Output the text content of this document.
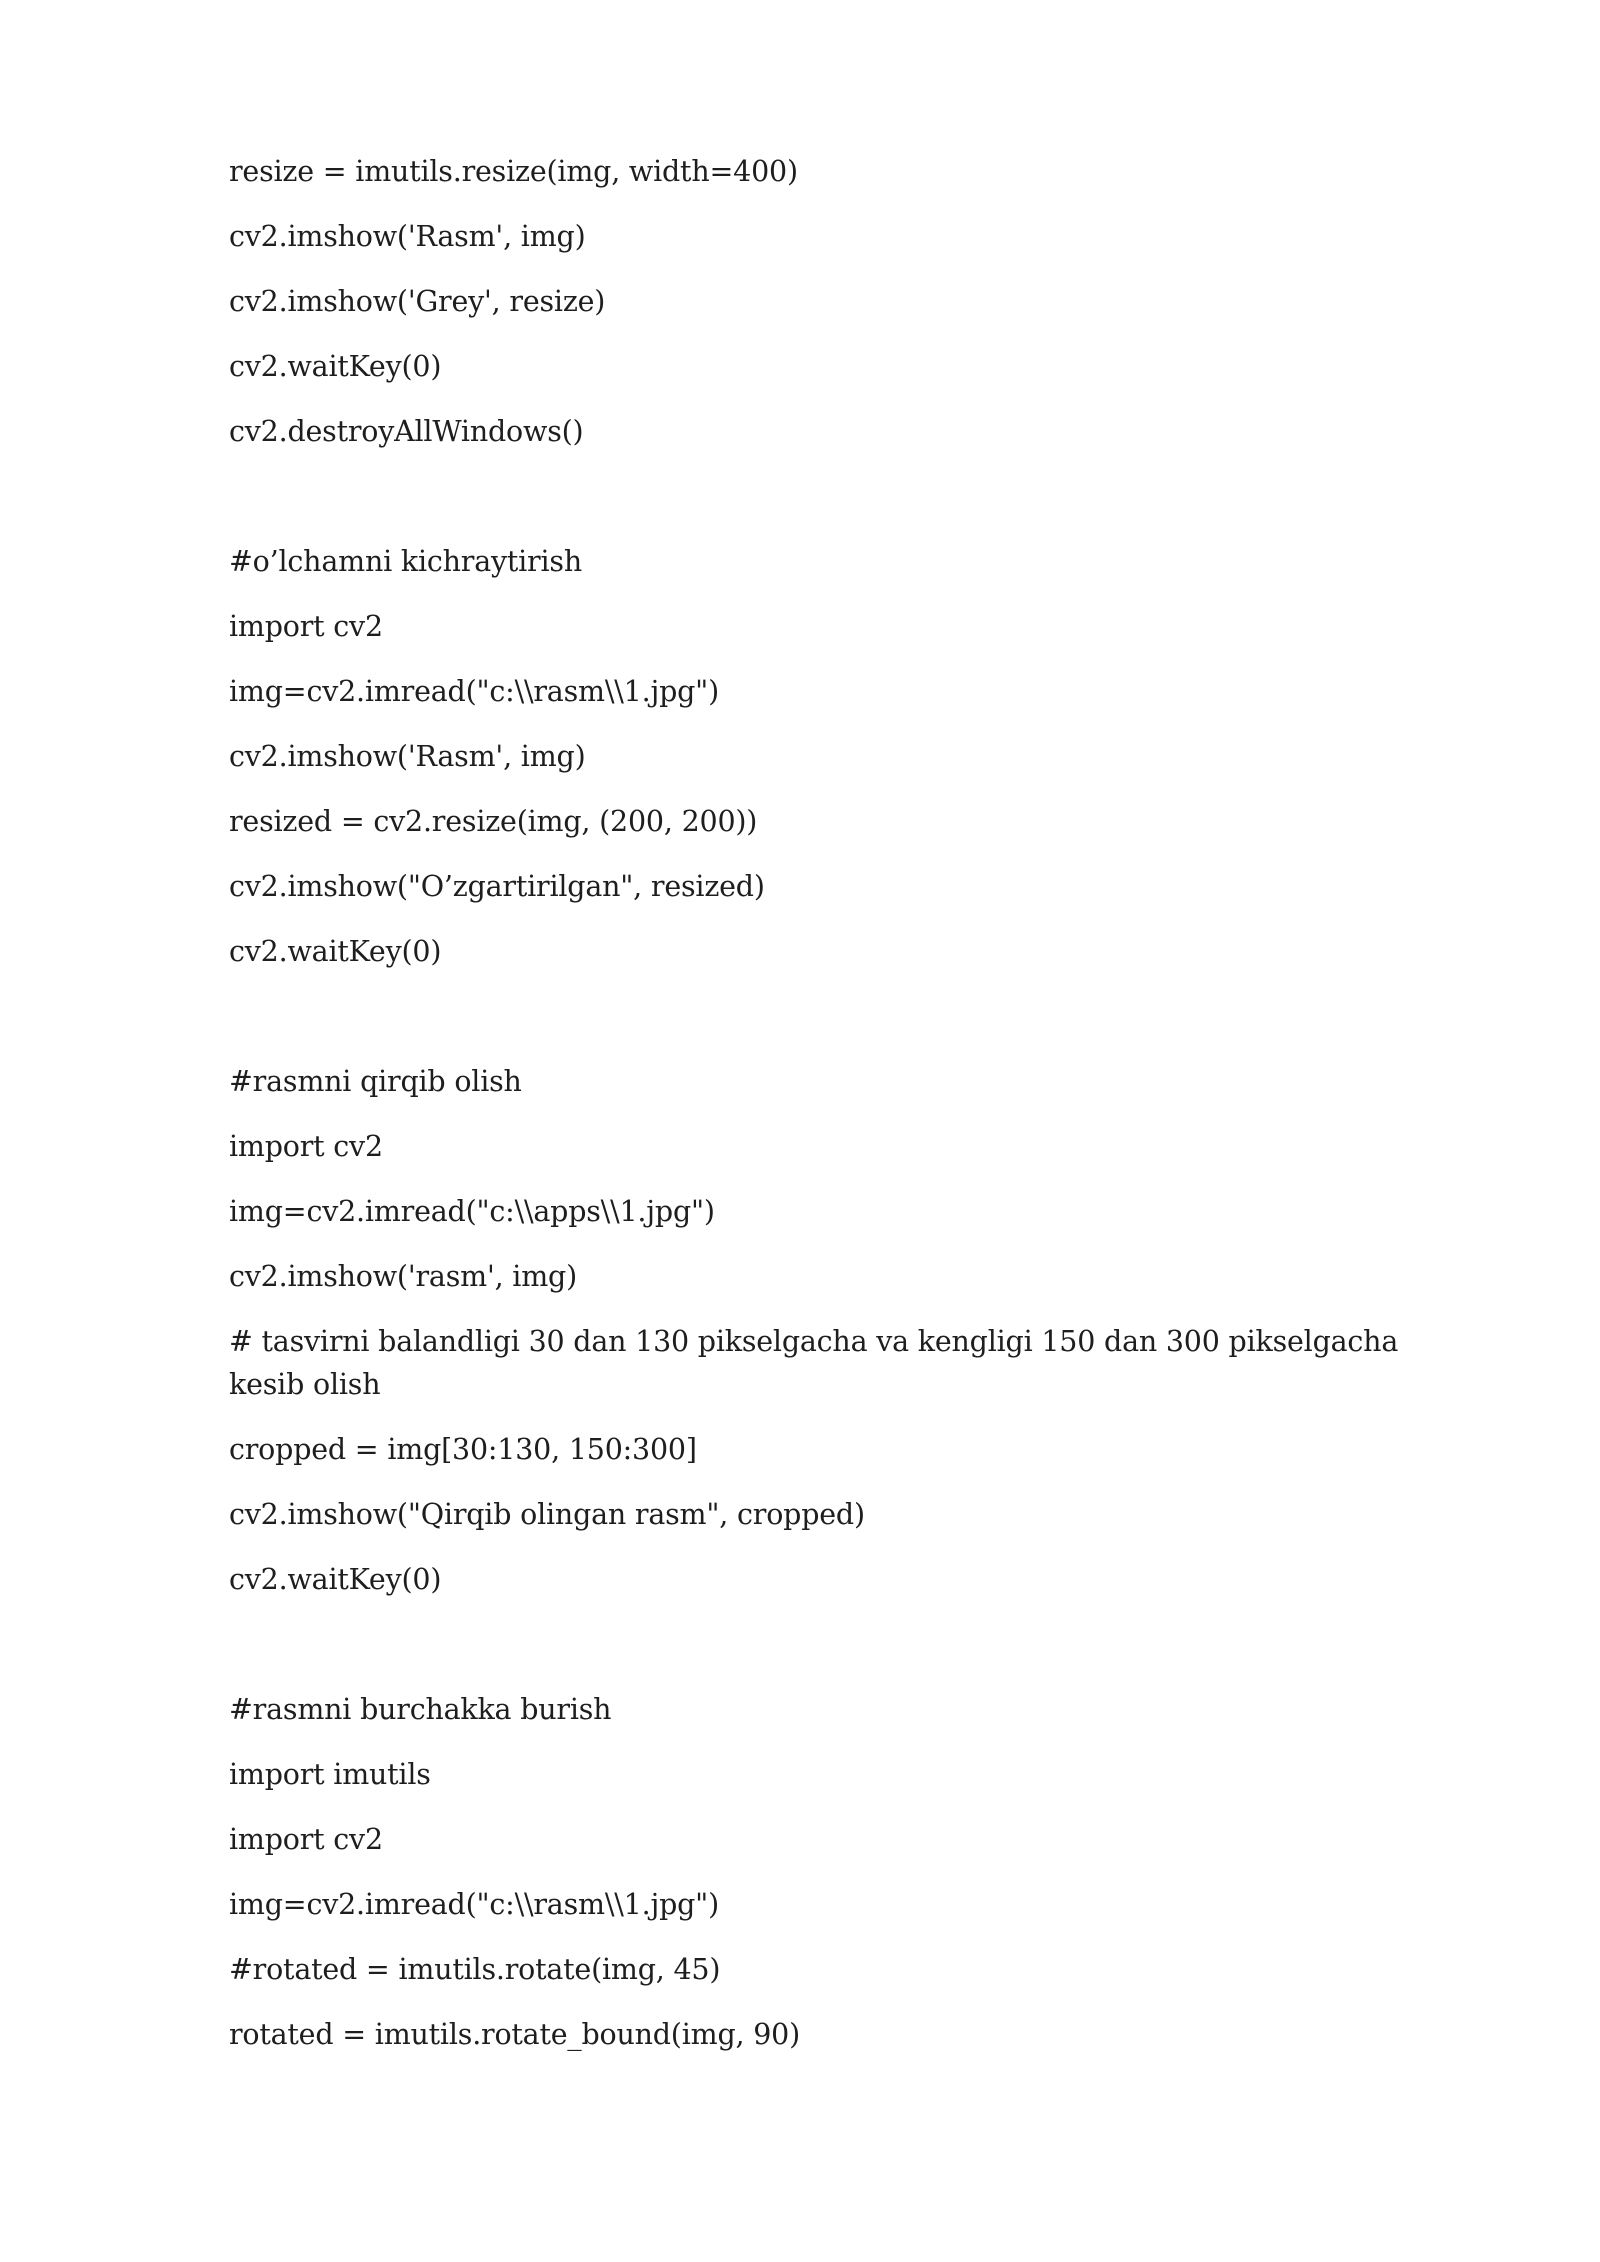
resize = imutils.resize(img, width=400)
cv2.imshow('Rasm', img)
cv2.imshow('Grey', resize)
cv2.waitKey(0)
cv2.destroyAllWindows()

#o’lchamni kichraytirish
import cv2
img=cv2.imread("c:\\rasm\\1.jpg")
cv2.imshow('Rasm', img)
resized = cv2.resize(img, (200, 200))
cv2.imshow("O’zgartirilgan", resized)
cv2.waitKey(0)

#rasmni qirqib olish
import cv2
img=cv2.imread("c:\\apps\\1.jpg")
cv2.imshow('rasm', img)
# tasvirni balandligi 30 dan 130 pikselgacha va kengligi 150 dan 300 pikselgacha kesib olish
cropped = img[30:130, 150:300]
cv2.imshow("Qirqib olingan rasm", cropped)
cv2.waitKey(0)

#rasmni burchakka burish
import imutils
import cv2
img=cv2.imread("c:\\rasm\\1.jpg")
#rotated = imutils.rotate(img, 45)
rotated = imutils.rotate_bound(img, 90)
